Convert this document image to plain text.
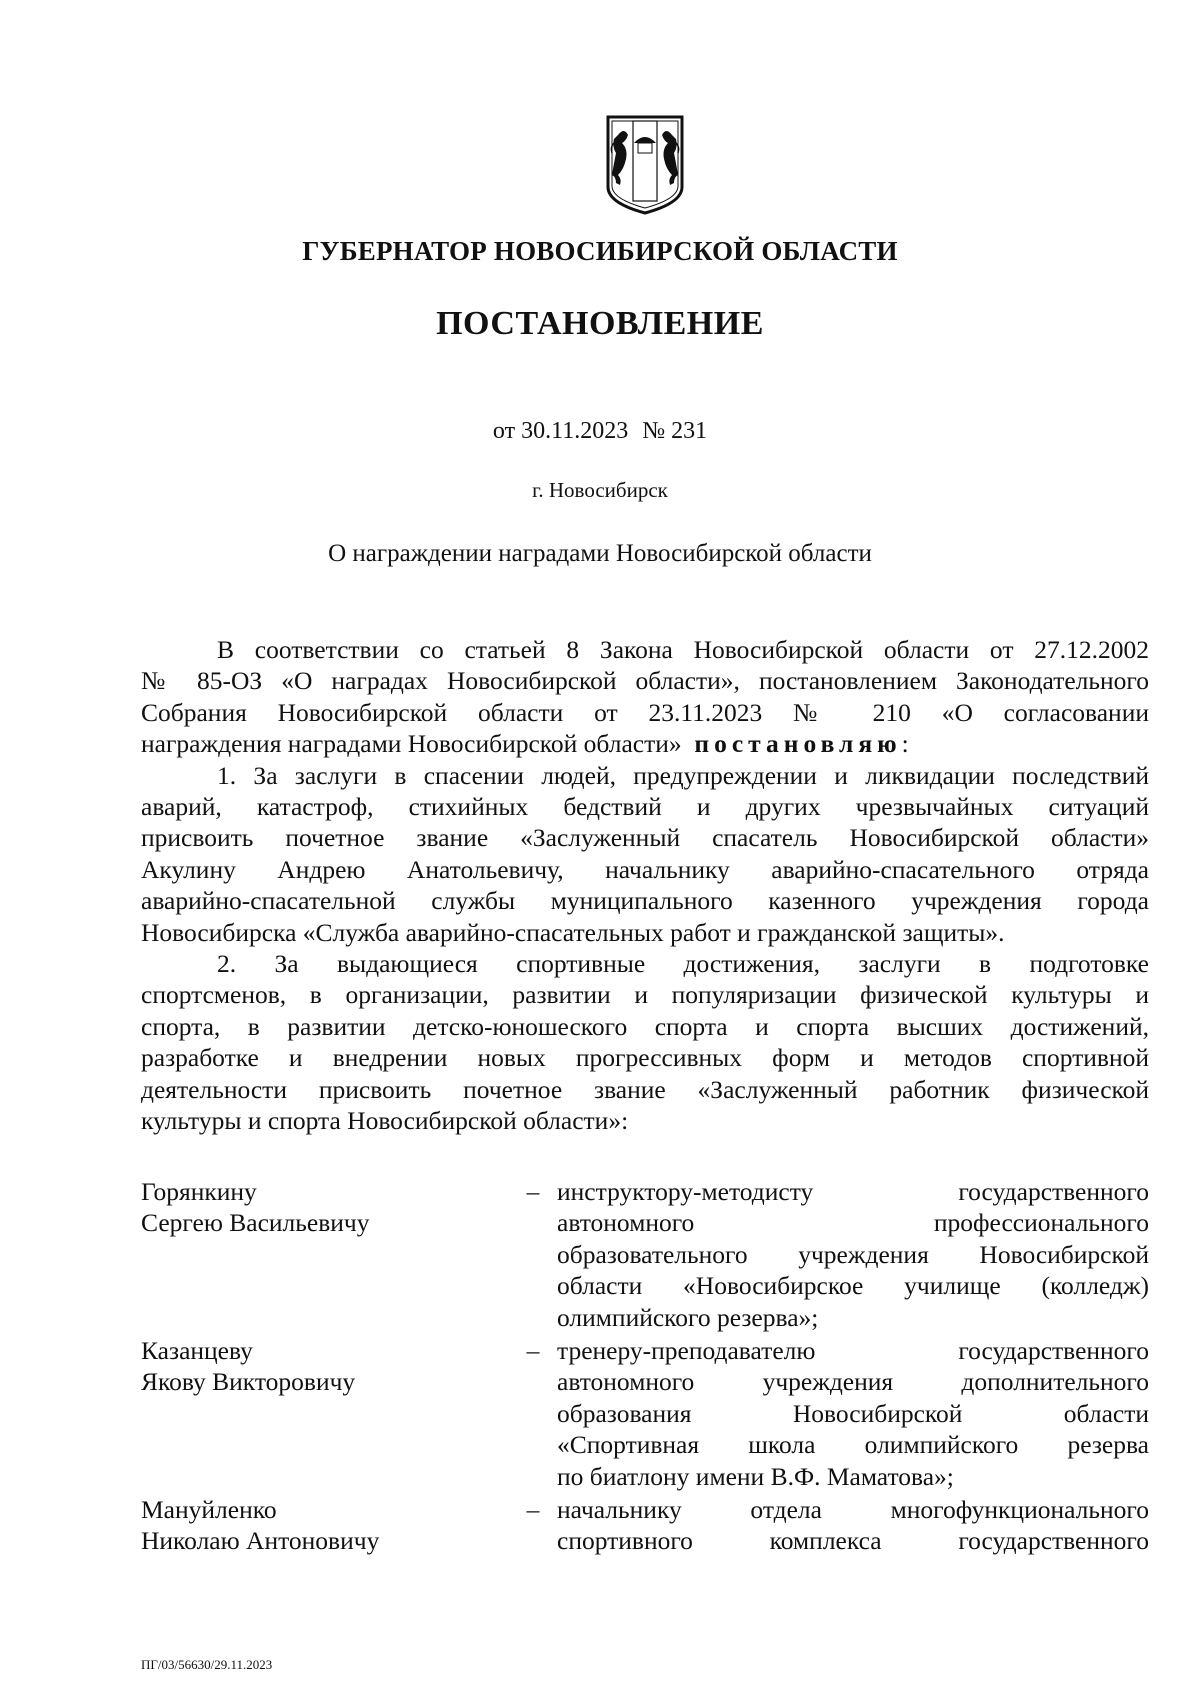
ГУБЕРНАТОР НОВОСИБИРСКОЙ ОБЛАСТИ
ПОСТАНОВЛЕНИЕ
от 30.11.2023 № 231
г. Новосибирск
О награждении наградами Новосибирской области

В соответствии со статьей 8 Закона Новосибирской области от 27.12.2002

№ 85-ОЗ «О наградах Новосибирской области», постановлением Законодательного

Собрания Новосибирской области от 23.11.2023 № 210 «О согласовании

награждения наградами Новосибирской области» постановляю:

1. За заслуги в спасении людей, предупреждении и ликвидации последствий

аварий, катастроф, стихийных бедствий и других чрезвычайных ситуаций

присвоить почетное звание «Заслуженный спасатель Новосибирской области»

Акулину Андрею Анатольевичу, начальнику аварийно-спасательного отряда

аварийно-спасательной службы муниципального казенного учреждения города

Новосибирска «Служба аварийно-спасательных работ и гражданской защиты».

2. За выдающиеся спортивные достижения, заслуги в подготовке

спортсменов, в организации, развитии и популяризации физической культуры и

спорта, в развитии детско-юношеского спорта и спорта высших достижений,

разработке и внедрении новых прогрессивных форм и методов спортивной

деятельности присвоить почетное звание «Заслуженный работник физической

культуры и спорта Новосибирской области»:

Горянкину
Сергею Васильевичу
– инструктору-методисту государственного
автономного профессионального
образовательного учреждения Новосибирской
области «Новосибирское училище (колледж)
олимпийского резерва»;
Казанцеву
Якову Викторовичу
– тренеру-преподавателю государственного
автономного учреждения дополнительного
образования Новосибирской области
«Спортивная школа олимпийского резерва
по биатлону имени В.Ф. Маматова»;
Мануйленко
Николаю Антоновичу
– начальнику отдела многофункционального
спортивного комплекса государственного
ПГ/03/56630/29.11.2023
